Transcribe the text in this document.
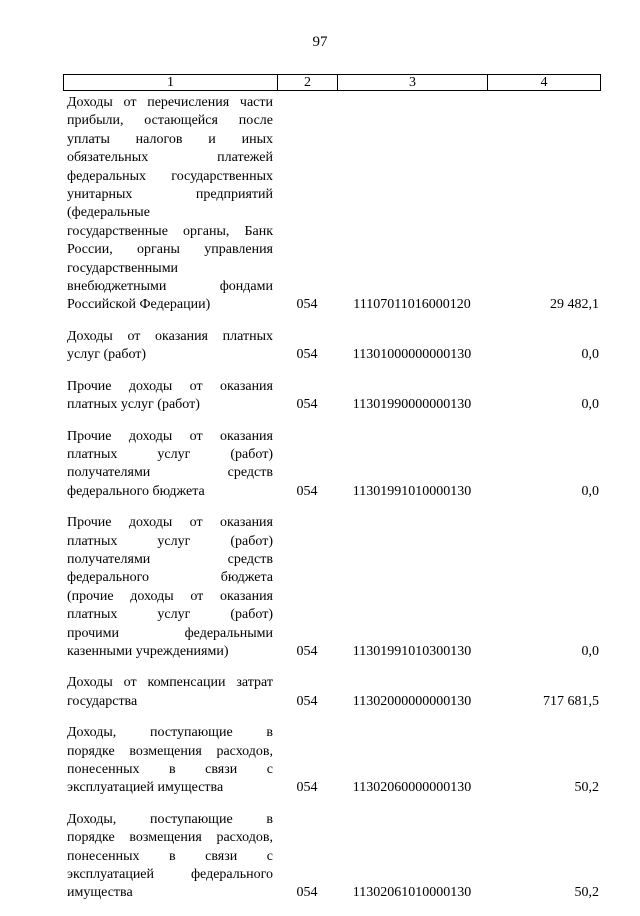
97
1	2	3	4
Доходы от перечисления части
прибыли, остающейся после
уплаты налогов и иных
обязательных платежей
федеральных государственных
унитарных предприятий
(федеральные
государственные органы, Банк
России, органы управления
государственными
внебюджетными фондами
Российской Федерации)	054	11107011016000120	29 482,1
Доходы от оказания платных
услуг (работ)	054	11301000000000130	0,0
Прочие доходы от оказания
платных услуг (работ)	054	11301990000000130	0,0
Прочие доходы от оказания
платных услуг (работ)
получателями средств
федерального бюджета	054	11301991010000130	0,0
Прочие доходы от оказания
платных услуг (работ)
получателями средств
федерального бюджета
(прочие доходы от оказания
платных услуг (работ)
прочими федеральными
казенными учреждениями)	054	11301991010300130	0,0
Доходы от компенсации затрат
государства	054	11302000000000130	717 681,5
Доходы, поступающие в
порядке возмещения расходов,
понесенных в связи с
эксплуатацией имущества	054	11302060000000130	50,2
Доходы, поступающие в
порядке возмещения расходов,
понесенных в связи с
эксплуатацией федерального
имущества	054	11302061010000130	50,2
